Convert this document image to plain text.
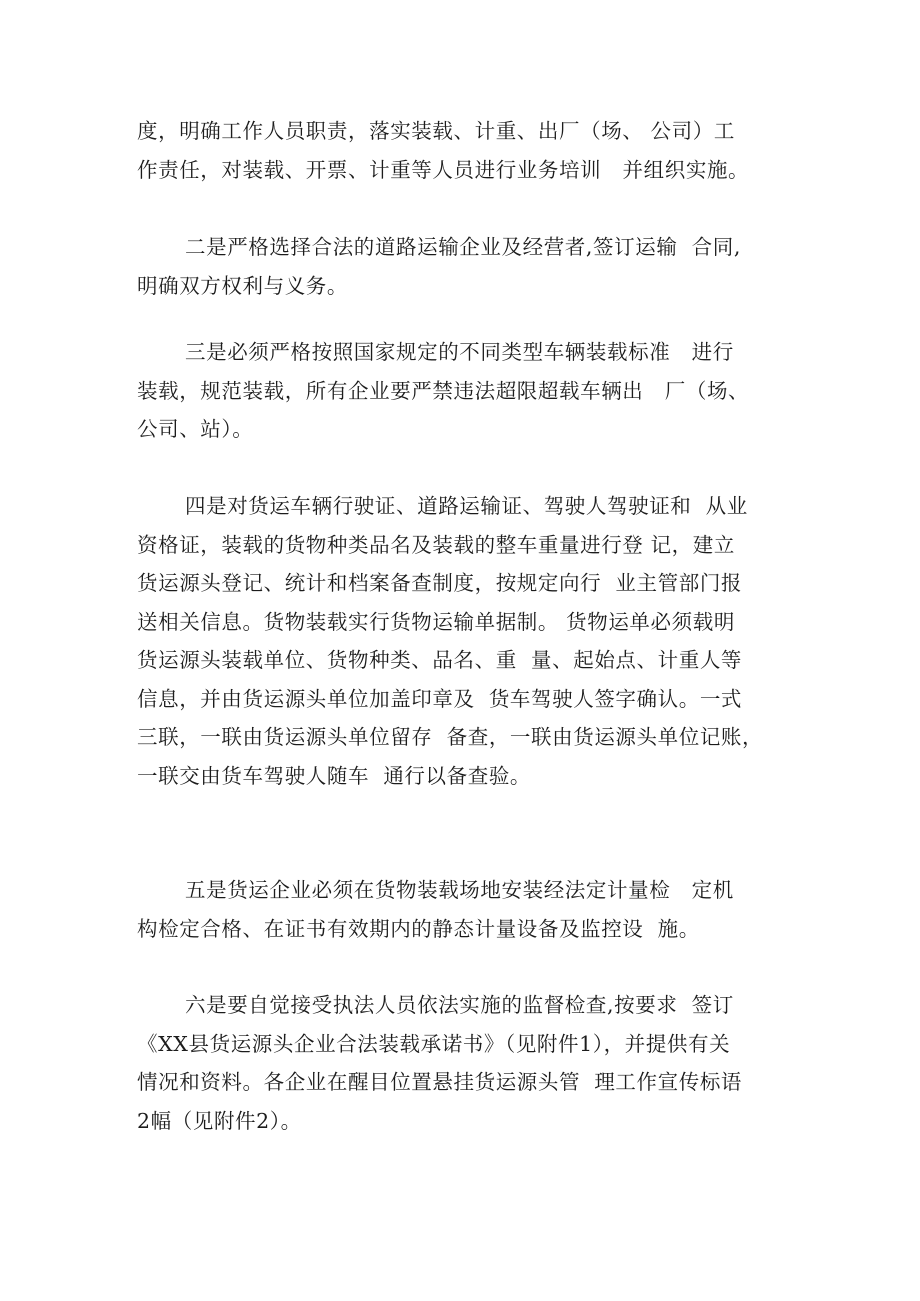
度，明确工作人员职责，落实装载、计重、出厂（场、 公司）工
作责任，对装载、开票、计重等人员进行业务培训   并组织实施。
二是严格选择合法的道路运输企业及经营者,签订运输  合同,
明确双方权利与义务。
三是必须严格按照国家规定的不同类型车辆装载标准   进行
装载，规范装载，所有企业要严禁违法超限超载车辆出   厂（场、
公司、站）。
四是对货运车辆行驶证、道路运输证、驾驶人驾驶证和  从业
资格证，装载的货物种类品名及装载的整车重量进行登 记，建立
货运源头登记、统计和档案备查制度，按规定向行  业主管部门报
送相关信息。货物装载实行货物运输单据制。 货物运单必须载明
货运源头装载单位、货物种类、品名、重  量、起始点、计重人等
信息，并由货运源头单位加盖印章及  货车驾驶人签字确认。一式
三联，一联由货运源头单位留存  备查，一联由货运源头单位记账，
一联交由货车驾驶人随车  通行以备查验。
五是货运企业必须在货物装载场地安装经法定计量检   定机
构检定合格、在证书有效期内的静态计量设备及监控设  施。
六是要自觉接受执法人员依法实施的监督检查,按要求  签订
《XX县货运源头企业合法装载承诺书》（见附件1），并提供有关
情况和资料。各企业在醒目位置悬挂货运源头管  理工作宣传标语
2幅（见附件2）。
